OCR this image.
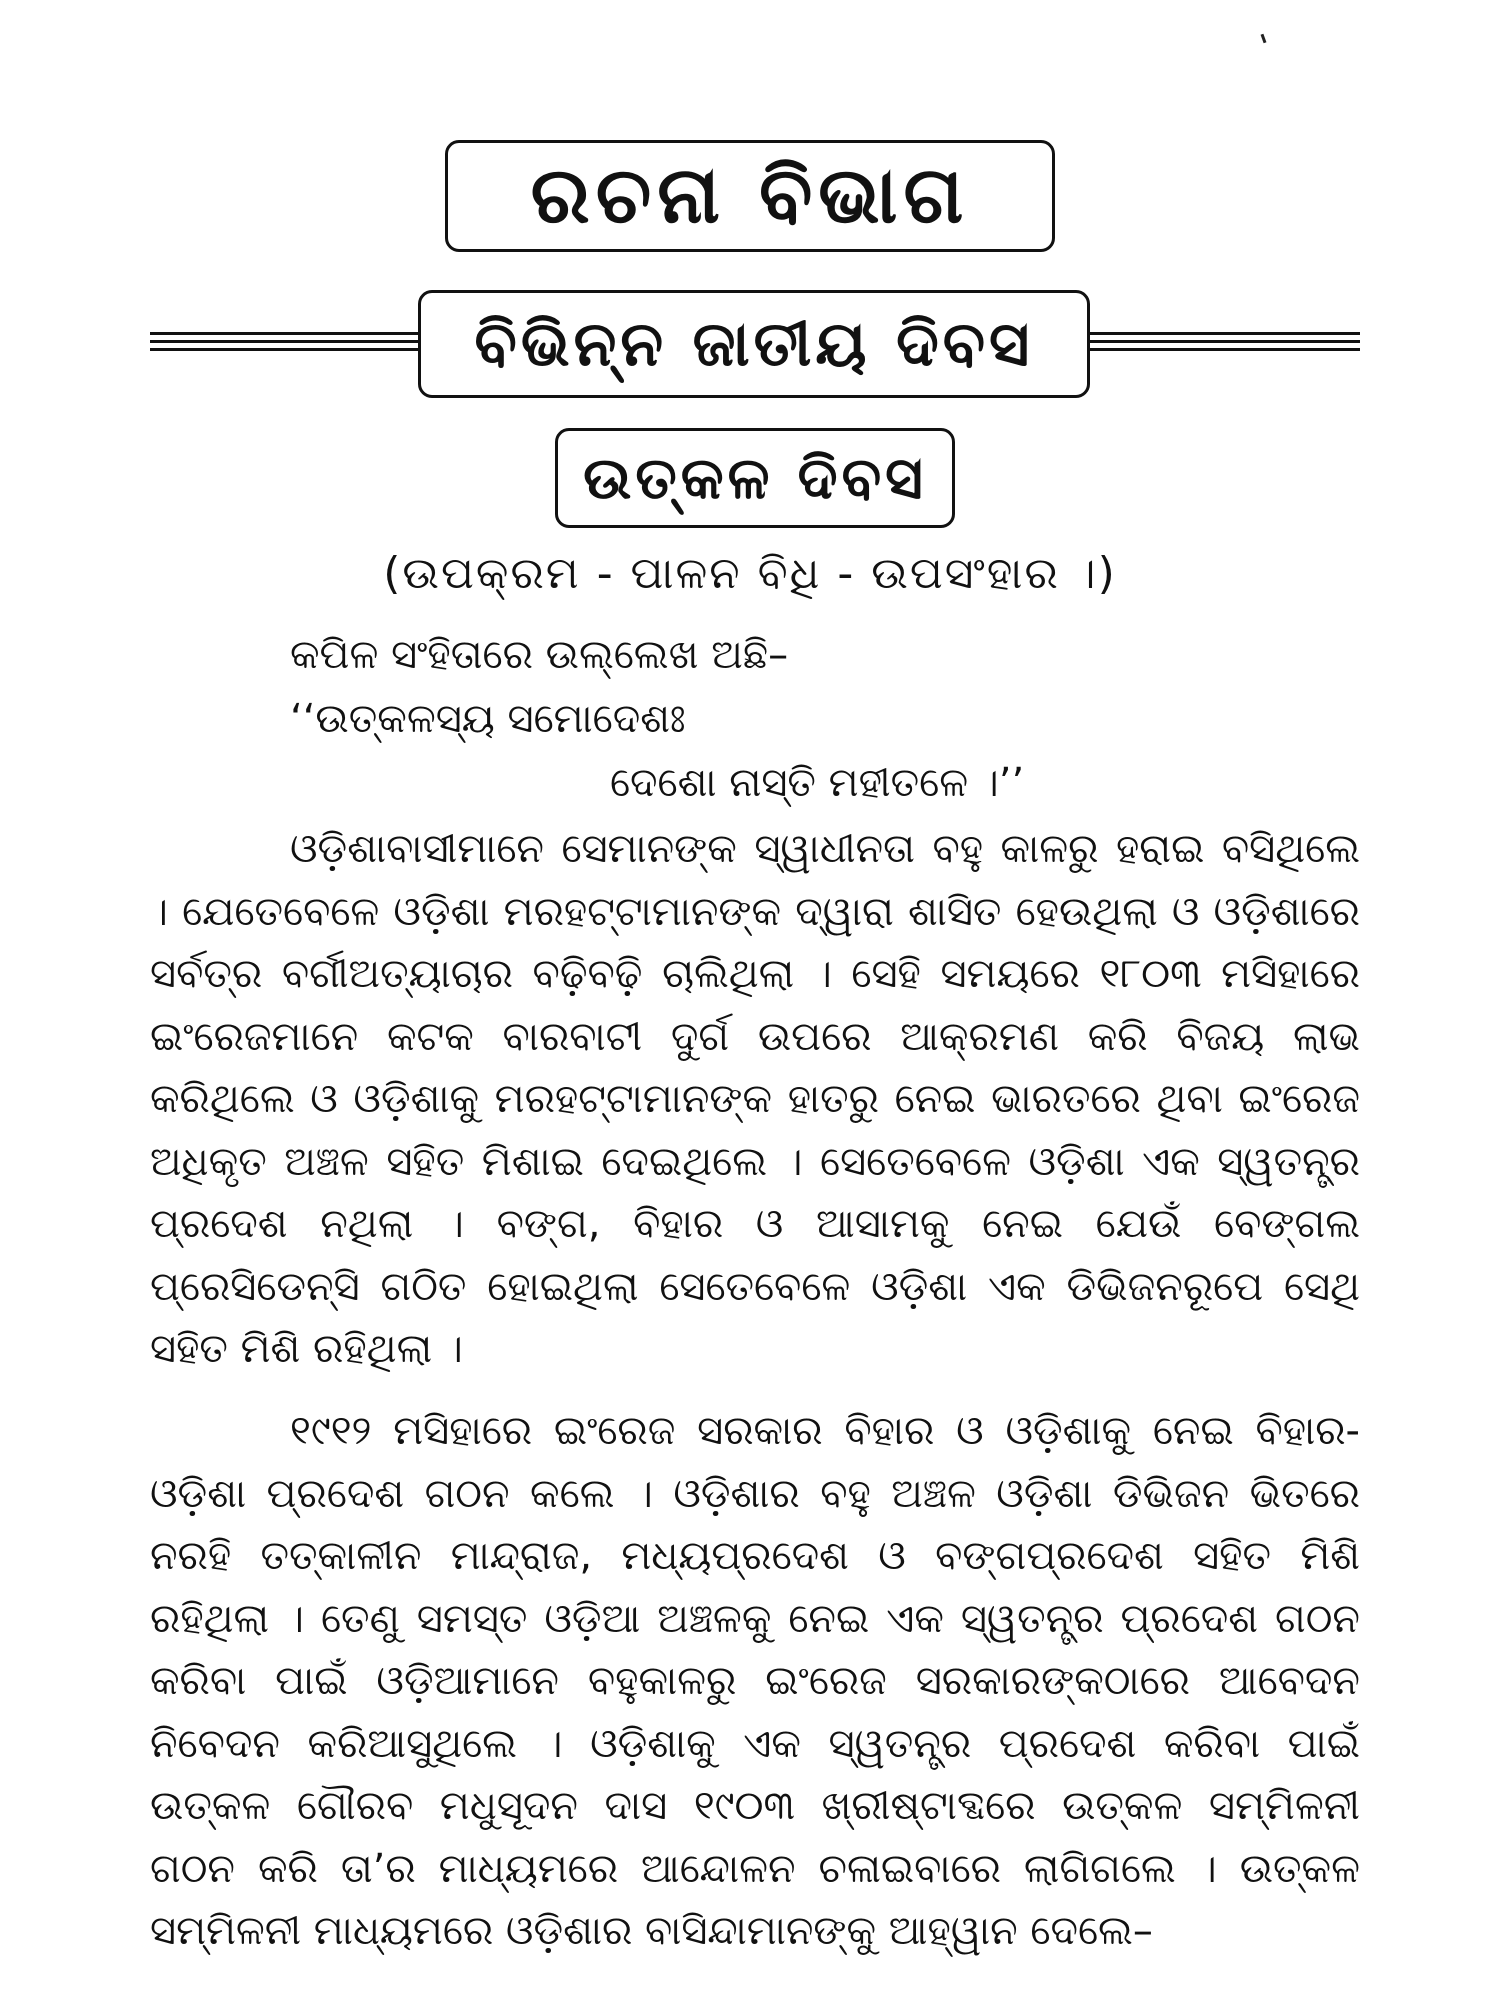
ରଚନା ବିଭାଗ
ବିଭିନ୍ନ ଜାତୀୟ ଦିବସ
ଉତ୍କଳ ଦିବସ
(ଉପକ୍ରମ - ପାଳନ ବିଧି - ଉପସଂହାର ।)
କପିଳ ସଂହିତାରେ ଉଲ୍ଲେଖ ଅଛି–
‘‘ଉତ୍କଳସ୍ୟ ସମୋଦେଶଃ
ଦେଶୋ ନାସ୍ତି ମହୀତଳେ ।’’

ଓଡ଼ିଶାବାସୀମାନେ ସେମାନଙ୍କ ସ୍ୱାଧୀନତା ବହୁ କାଳରୁ ହରାଇ ବସିଥିଲେ । ଯେତେବେଳେ ଓଡ଼ିଶା ମରହଟ୍ଟାମାନଙ୍କ ଦ୍ୱାରା ଶାସିତ ହେଉଥିଲା ଓ ଓଡ଼ିଶାରେ ସର୍ବତ୍ର ବର୍ଗୀଅତ୍ୟାଚାର ବଢ଼ିବଢ଼ି ଚାଲିଥିଲା । ସେହି ସମୟରେ ୧୮୦୩ ମସିହାରେ ଇଂରେଜମାନେ କଟକ ବାରବାଟୀ ଦୁର୍ଗ ଉପରେ ଆକ୍ରମଣ କରି ବିଜୟ ଲାଭ କରିଥିଲେ ଓ ଓଡ଼ିଶାକୁ ମରହଟ୍ଟାମାନଙ୍କ ହାତରୁ ନେଇ ଭାରତରେ ଥିବା ଇଂରେଜ ଅଧିକୃତ ଅଞ୍ଚଳ ସହିତ ମିଶାଇ ଦେଇଥିଲେ । ସେତେବେଳେ ଓଡ଼ିଶା ଏକ ସ୍ୱତନ୍ତ୍ର ପ୍ରଦେଶ ନଥିଲା । ବଙ୍ଗ, ବିହାର ଓ ଆସାମକୁ ନେଇ ଯେଉଁ ବେଙ୍ଗଲ ପ୍ରେସିଡେନ୍ସି ଗଠିତ ହୋଇଥିଲା ସେତେବେଳେ ଓଡ଼ିଶା ଏକ ଡିଭିଜନରୂପେ ସେଥି ସହିତ ମିଶି ରହିଥିଲା ।

୧୯୧୨ ମସିହାରେ ଇଂରେଜ ସରକାର ବିହାର ଓ ଓଡ଼ିଶାକୁ ନେଇ ବିହାର-ଓଡ଼ିଶା ପ୍ରଦେଶ ଗଠନ କଲେ । ଓଡ଼ିଶାର ବହୁ ଅଞ୍ଚଳ ଓଡ଼ିଶା ଡିଭିଜନ ଭିତରେ ନରହି ତତ୍କାଳୀନ ମାନ୍ଦ୍ରାଜ, ମଧ୍ୟପ୍ରଦେଶ ଓ ବଙ୍ଗପ୍ରଦେଶ ସହିତ ମିଶି ରହିଥିଲା । ତେଣୁ ସମସ୍ତ ଓଡ଼ିଆ ଅଞ୍ଚଳକୁ ନେଇ ଏକ ସ୍ୱତନ୍ତ୍ର ପ୍ରଦେଶ ଗଠନ କରିବା ପାଇଁ ଓଡ଼ିଆମାନେ ବହୁକାଳରୁ ଇଂରେଜ ସରକାରଙ୍କଠାରେ ଆବେଦନ ନିବେଦନ କରିଆସୁଥିଲେ । ଓଡ଼ିଶାକୁ ଏକ ସ୍ୱତନ୍ତ୍ର ପ୍ରଦେଶ କରିବା ପାଇଁ ଉତ୍କଳ ଗୌରବ ମଧୁସୂଦନ ଦାସ ୧୯୦୩ ଖ୍ରୀଷ୍ଟାବ୍ଦରେ ଉତ୍କଳ ସମ୍ମିଳନୀ ଗଠନ କରି ତା’ର ମାଧ୍ୟମରେ ଆନ୍ଦୋଳନ ଚଳାଇବାରେ ଲାଗିଗଲେ । ଉତ୍କଳ ସମ୍ମିଳନୀ ମାଧ୍ୟମରେ ଓଡ଼ିଶାର ବାସିନ୍ଦାମାନଙ୍କୁ ଆହ୍ୱାନ ଦେଲେ–
